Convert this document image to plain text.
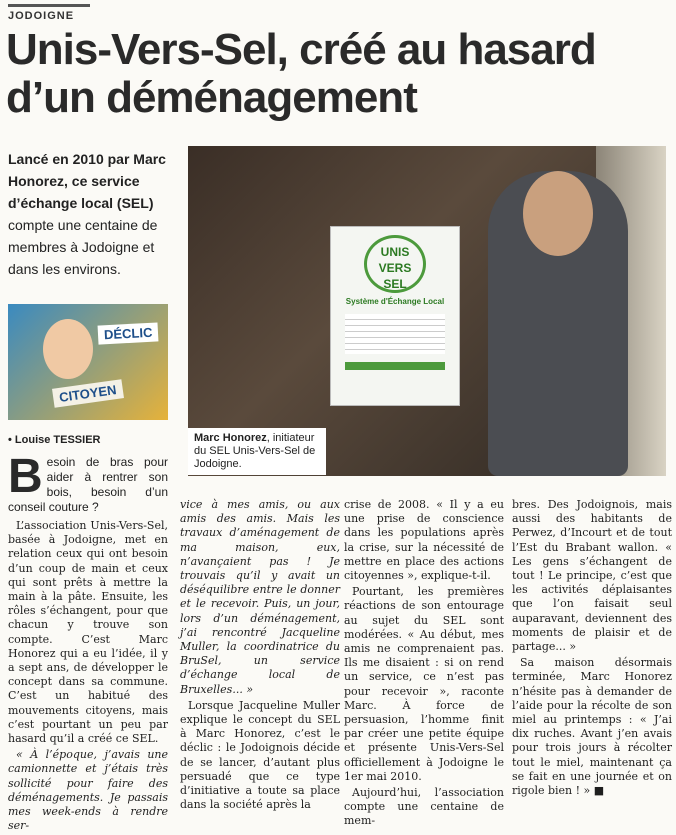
JODOIGNE
Unis-Vers-Sel, créé au hasard d’un déménagement
Lancé en 2010 par Marc Honorez, ce service d’échange local (SEL) compte une centaine de membres à Jodoigne et dans les environs.
DÉCLIC
CITOYEN
• Louise TESSIER
UNIS VERS SEL
Système d'Échange Local
Marc Honorez, initiateur du SEL Unis-Vers-Sel de Jodoigne.

Besoin de bras pour aider à rentrer son bois, besoin d’un conseil couture ?

L’association Unis-Vers-Sel, basée à Jodoigne, met en relation ceux qui ont besoin d’un coup de main et ceux qui sont prêts à mettre la main à la pâte. Ensuite, les rôles s’échangent, pour que chacun y trouve son compte. C’est Marc Honorez qui a eu l’idée, il y a sept ans, de développer le concept dans sa commune. C’est un habitué des mouvements citoyens, mais c’est pourtant un peu par hasard qu’il a créé ce SEL.

« À l’époque, j’avais une camionnette et j’étais très sollicité pour faire des déménagements. Je passais mes week-ends à rendre ser-

vice à mes amis, ou aux amis des amis. Mais les travaux d’aménagement de ma maison, eux, n’avançaient pas ! Je trouvais qu’il y avait un déséquilibre entre le donner et le recevoir. Puis, un jour, lors d’un déménagement, j’ai rencontré Jacqueline Muller, la coordinatrice du BruSel, un service d’échange local de Bruxelles... »

Lorsque Jacqueline Muller explique le concept du SEL à Marc Honorez, c’est le déclic : le Jodoignois décide de se lancer, d’autant plus persuadé que ce type d’initiative a toute sa place dans la société après la

crise de 2008. « Il y a eu une prise de conscience dans les populations après la crise, sur la nécessité de mettre en place des actions citoyennes », explique-t-il.

Pourtant, les premières réactions de son entourage au sujet du SEL sont modérées. « Au début, mes amis ne comprenaient pas. Ils me disaient : si on rend un service, ce n’est pas pour recevoir », raconte Marc. À force de persuasion, l’homme finit par créer une petite équipe et présente Unis-Vers-Sel officiellement à Jodoigne le 1er mai 2010.

Aujourd’hui, l’association compte une centaine de mem-

bres. Des Jodoignois, mais aussi des habitants de Perwez, d’Incourt et de tout l’Est du Brabant wallon. « Les gens s’échangent de tout ! Le principe, c’est que les activités déplaisantes que l’on faisait seul auparavant, deviennent des moments de plaisir et de partage... »

Sa maison désormais terminée, Marc Honorez n’hésite pas à demander de l’aide pour la récolte de son miel au printemps : « J’ai dix ruches. Avant j’en avais pour trois jours à récolter tout le miel, maintenant ça se fait en une journée et on rigole bien ! » ■
